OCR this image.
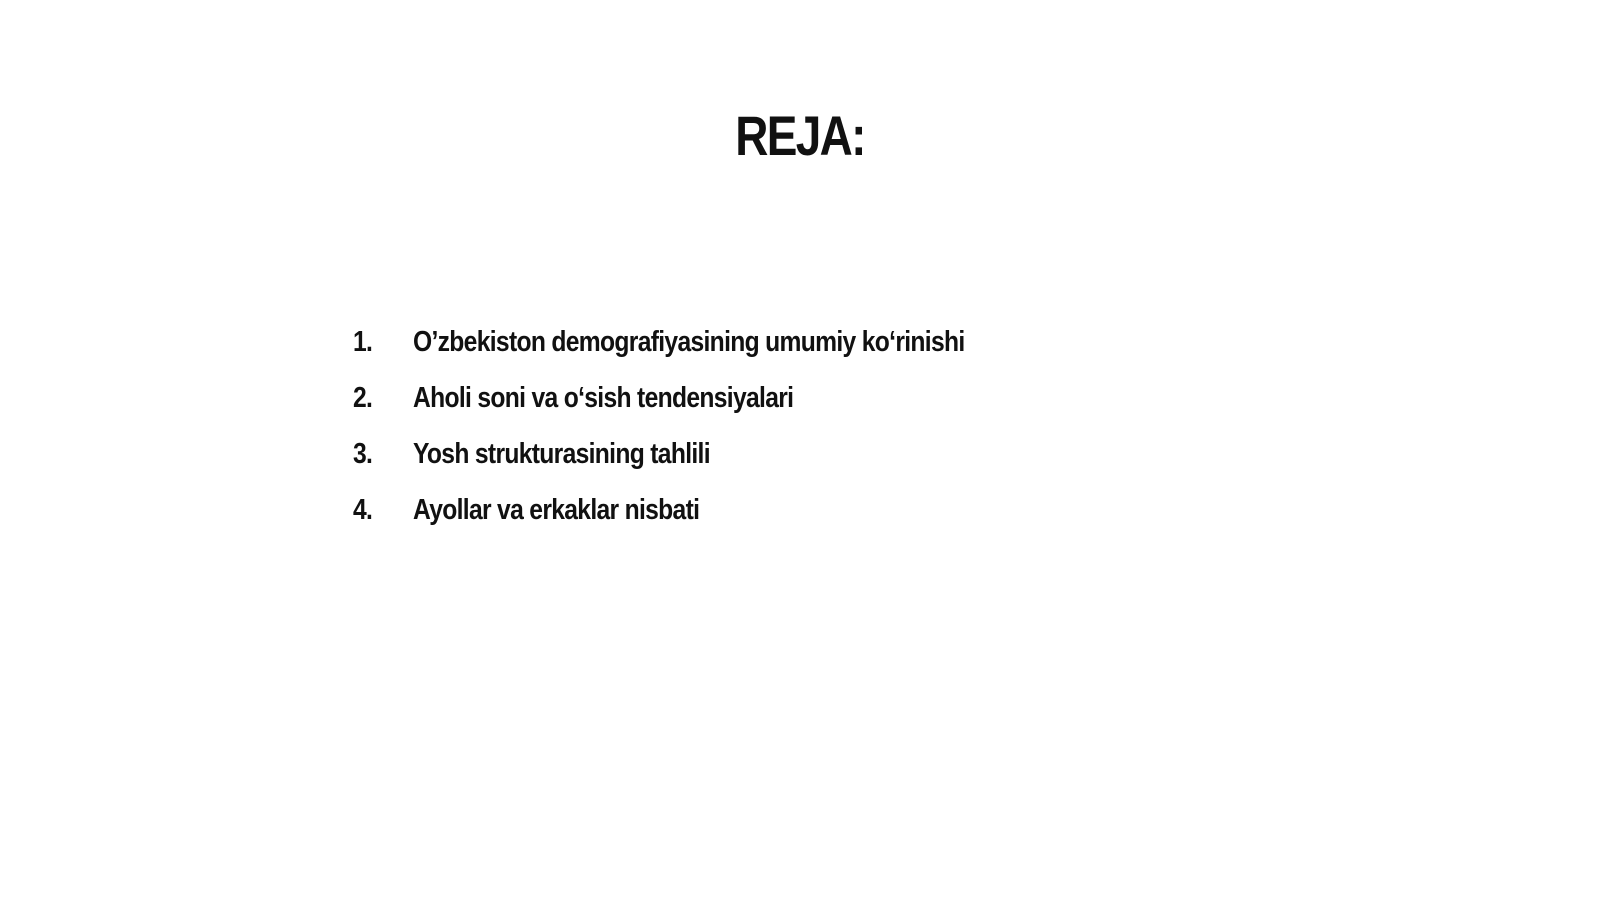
REJA:
1.	O’zbekiston demografiyasining umumiy ko‘rinishi
2.	Aholi soni va o‘sish tendensiyalari
3.	Yosh strukturasining tahlili
4.	Ayollar va erkaklar nisbati
